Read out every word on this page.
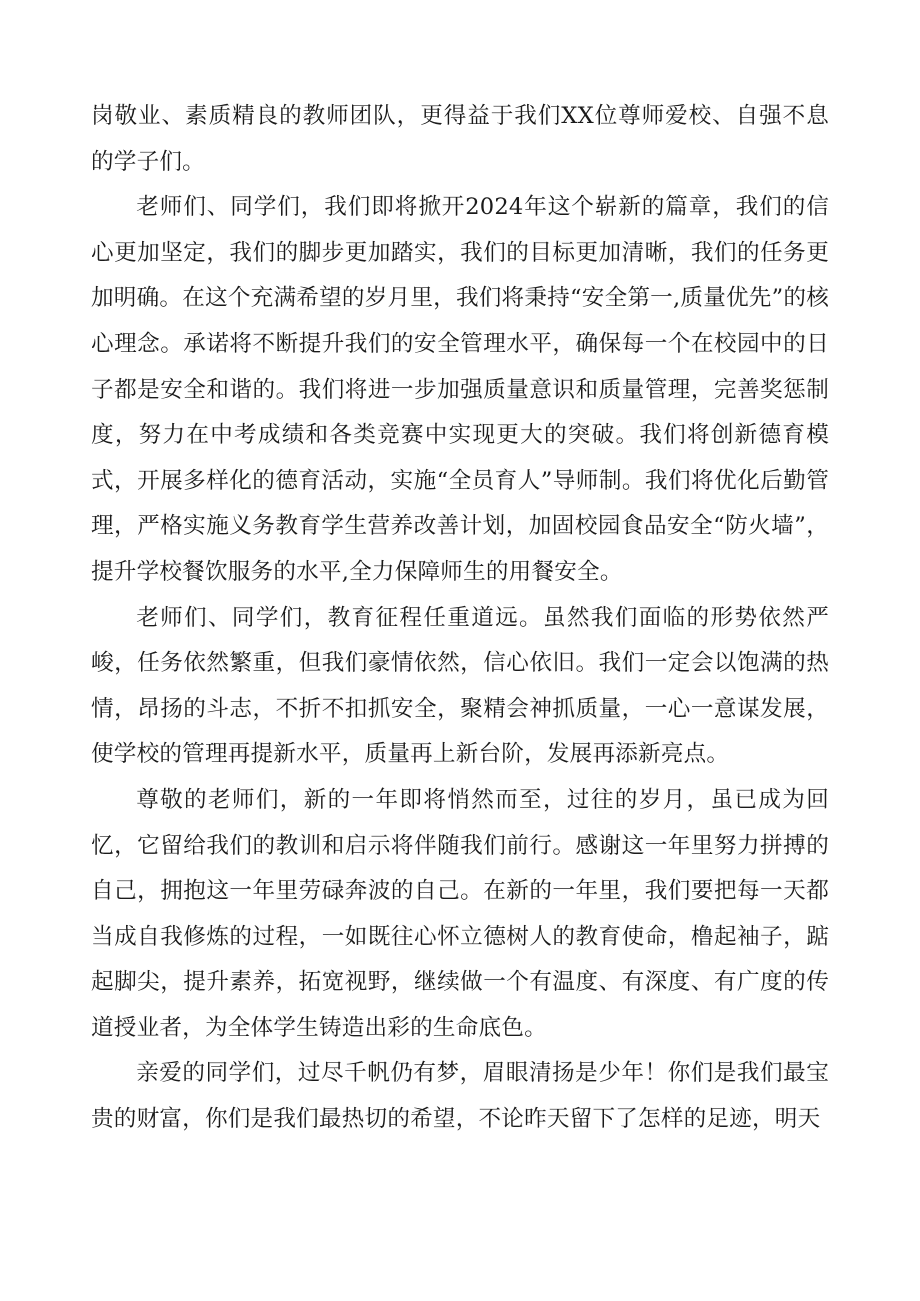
岗敬业、素质精良的教师团队，更得益于我们XX位尊师爱校、自强不息的学子们。

老师们、同学们，我们即将掀开2024年这个崭新的篇章，我们的信心更加坚定，我们的脚步更加踏实，我们的目标更加清晰，我们的任务更加明确。在这个充满希望的岁月里，我们将秉持“安全第一,质量优先”的核心理念。承诺将不断提升我们的安全管理水平，确保每一个在校园中的日子都是安全和谐的。我们将进一步加强质量意识和质量管理，完善奖惩制度，努力在中考成绩和各类竞赛中实现更大的突破。我们将创新德育模式，开展多样化的德育活动，实施“全员育人”导师制。我们将优化后勤管理，严格实施义务教育学生营养改善计划，加固校园食品安全“防火墙”，提升学校餐饮服务的水平,全力保障师生的用餐安全。

老师们、同学们，教育征程任重道远。虽然我们面临的形势依然严峻，任务依然繁重，但我们豪情依然，信心依旧。我们一定会以饱满的热情，昂扬的斗志，不折不扣抓安全，聚精会神抓质量，一心一意谋发展，使学校的管理再提新水平，质量再上新台阶，发展再添新亮点。

尊敬的老师们，新的一年即将悄然而至，过往的岁月，虽已成为回忆，它留给我们的教训和启示将伴随我们前行。感谢这一年里努力拼搏的自己，拥抱这一年里劳碌奔波的自己。在新的一年里，我们要把每一天都当成自我修炼的过程，一如既往心怀立德树人的教育使命，橹起袖子，踮起脚尖，提升素养，拓宽视野，继续做一个有温度、有深度、有广度的传道授业者，为全体学生铸造出彩的生命底色。

亲爱的同学们，过尽千帆仍有梦，眉眼清扬是少年！你们是我们最宝贵的财富，你们是我们最热切的希望，不论昨天留下了怎样的足迹，明天
